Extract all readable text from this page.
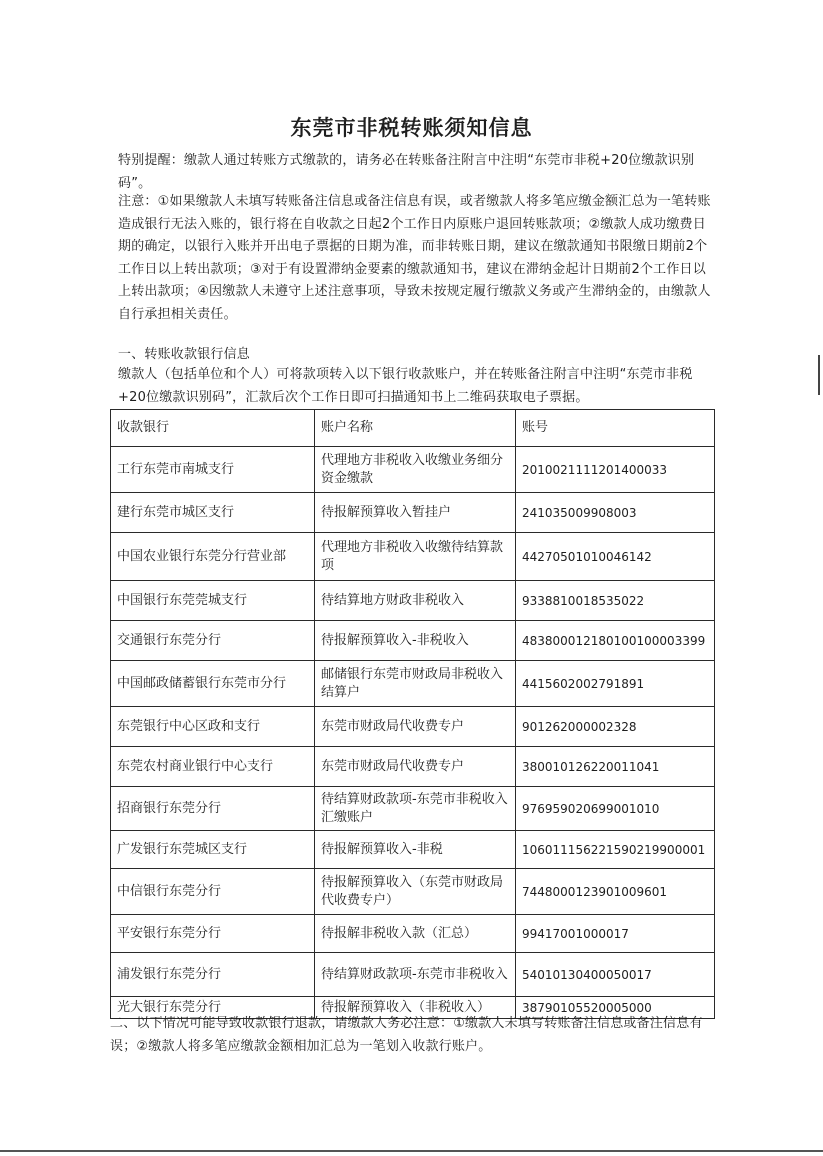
东莞市非税转账须知信息
特别提醒：缴款人通过转账方式缴款的，请务必在转账备注附言中注明“东莞市非税+20位缴款识别码”。
注意：①如果缴款人未填写转账备注信息或备注信息有误，或者缴款人将多笔应缴金额汇总为一笔转账造成银行无法入账的，银行将在自收款之日起2个工作日内原账户退回转账款项；②缴款人成功缴费日期的确定，以银行入账并开出电子票据的日期为准，而非转账日期，建议在缴款通知书限缴日期前2个工作日以上转出款项；③对于有设置滞纳金要素的缴款通知书，建议在滞纳金起计日期前2个工作日以上转出款项；④因缴款人未遵守上述注意事项，导致未按规定履行缴款义务或产生滞纳金的，由缴款人自行承担相关责任。
一、转账收款银行信息
缴款人（包括单位和个人）可将款项转入以下银行收款账户，并在转账备注附言中注明“东莞市非税+20位缴款识别码”，汇款后次个工作日即可扫描通知书上二维码获取电子票据。
收款银行	账户名称	账号
工行东莞市南城支行	代理地方非税收入收缴业务细分资金缴款	2010021111201400033
建行东莞市城区支行	待报解预算收入暂挂户	241035009908003
中国农业银行东莞分行营业部	代理地方非税收入收缴待结算款项	44270501010046142
中国银行东莞莞城支行	待结算地方财政非税收入	9338810018535022
交通银行东莞分行	待报解预算收入-非税收入	483800012180100100003399
中国邮政储蓄银行东莞市分行	邮储银行东莞市财政局非税收入结算户	4415602002791891
东莞银行中心区政和支行	东莞市财政局代收费专户	901262000002328
东莞农村商业银行中心支行	东莞市财政局代收费专户	380010126220011041
招商银行东莞分行	待结算财政款项-东莞市非税收入汇缴账户	976959020699001010
广发银行东莞城区支行	待报解预算收入-非税	106011156221590219900001
中信银行东莞分行	待报解预算收入（东莞市财政局代收费专户）	7448000123901009601
平安银行东莞分行	待报解非税收入款（汇总）	99417001000017
浦发银行东莞分行	待结算财政款项-东莞市非税收入	54010130400050017
光大银行东莞分行	待报解预算收入（非税收入）	38790105520005000
二、以下情况可能导致收款银行退款，请缴款人务必注意：①缴款人未填写转账备注信息或备注信息有误；②缴款人将多笔应缴款金额相加汇总为一笔划入收款行账户。
